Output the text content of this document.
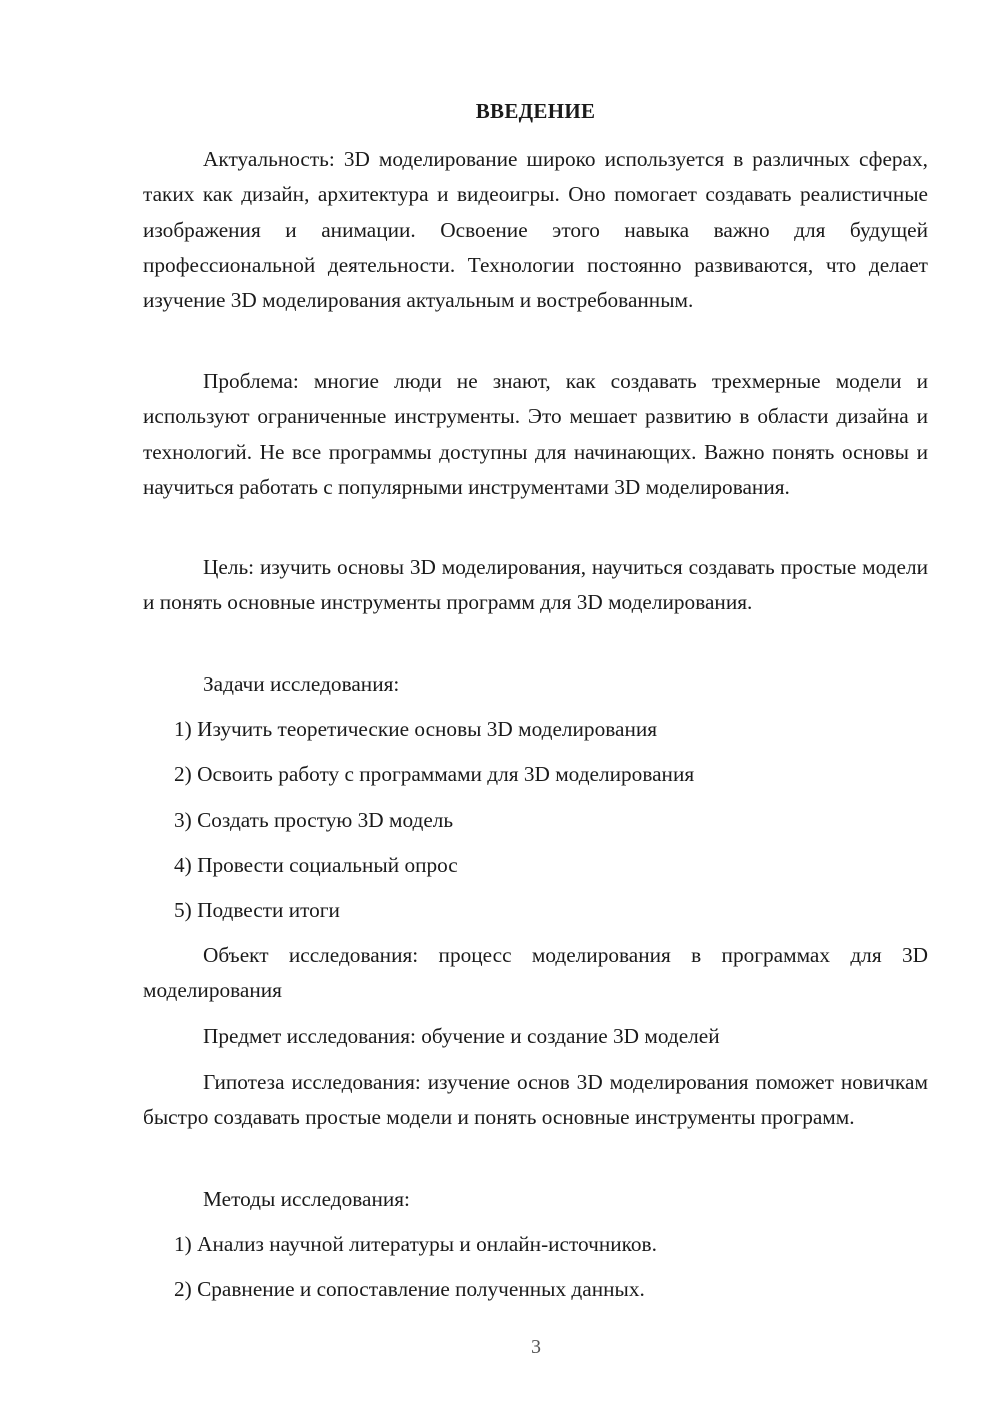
ВВЕДЕНИЕ

Актуальность: 3D моделирование широко используется в различных сферах, таких как дизайн, архитектура и видеоигры. Оно помогает создавать реалистичные изображения и анимации. Освоение этого навыка важно для будущей профессиональной деятельности. Технологии постоянно развиваются, что делает изучение 3D моделирования актуальным и востребованным.

Проблема: многие люди не знают, как создавать трехмерные модели и используют ограниченные инструменты. Это мешает развитию в области дизайна и технологий. Не все программы доступны для начинающих. Важно понять основы и научиться работать с популярными инструментами 3D моделирования.

Цель: изучить основы 3D моделирования, научиться создавать простые модели и понять основные инструменты программ для 3D моделирования.

Задачи исследования:
1) Изучить теоретические основы 3D моделирования
2) Освоить работу с программами для 3D моделирования
3) Создать простую 3D модель
4) Провести социальный опрос
5) Подвести итоги

Объект исследования: процесс моделирования в программах для 3D моделирования

Предмет исследования: обучение и создание 3D моделей

Гипотеза исследования: изучение основ 3D моделирования поможет новичкам быстро создавать простые модели и понять основные инструменты программ.

Методы исследования:
1) Анализ научной литературы и онлайн-источников.
2) Сравнение и сопоставление полученных данных.
3
